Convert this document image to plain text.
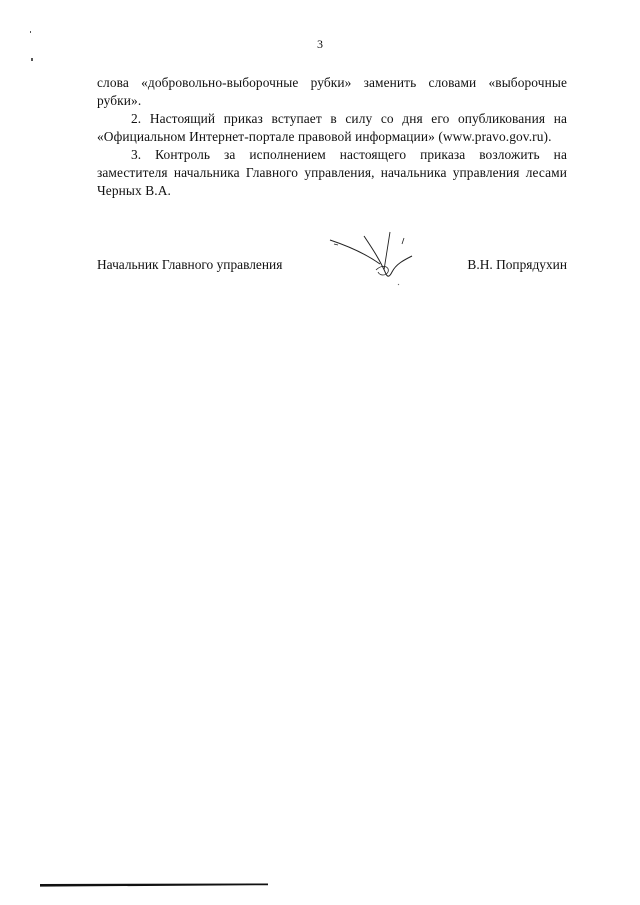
3

слова «добровольно-выборочные рубки» заменить словами «выборочные рубки».

2. Настоящий приказ вступает в силу со дня его опубликования на «Официальном Интернет-портале правовой информации» (www.pravo.gov.ru).

3. Контроль за исполнением настоящего приказа возложить на заместителя начальника Главного управления, начальника управления лесами Черных В.А.

Начальник Главного управления	В.Н. Попрядухин
